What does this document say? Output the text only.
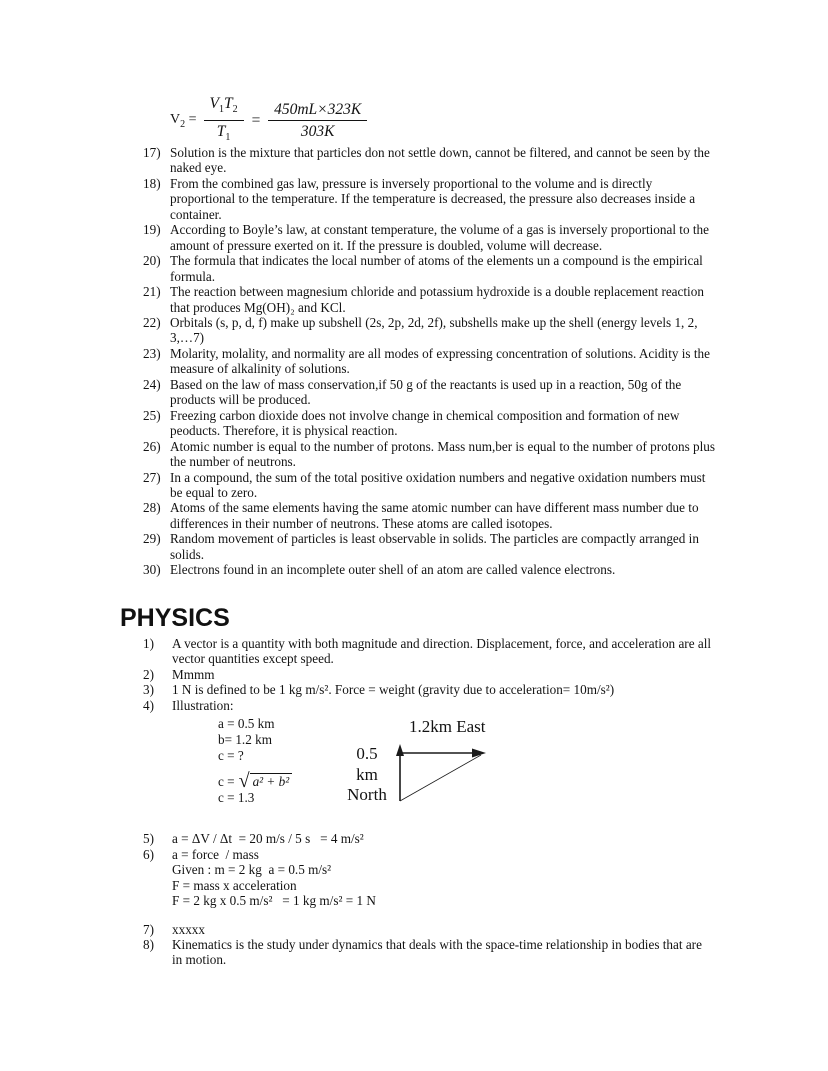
$V_2 = \frac{V_1T_2}{T_1} = \frac{450mL\times 323K}{303K}$
17) Solution is the mixture that particles don not settle down, cannot be filtered, and cannot be seen by the naked eye.
18) From the combined gas law, pressure is inversely proportional to the volume and is directly proportional to the temperature. If the temperature is decreased, the pressure also decreases inside a container.
19) According to Boyle’s law, at constant temperature, the volume of a gas is inversely proportional to the amount of pressure exerted on it. If the pressure is doubled, volume will decrease.
20) The formula that indicates the local number of atoms of the elements un a compound is the empirical formula.
21) The reaction between magnesium chloride and potassium hydroxide is a double replacement reaction that produces Mg(OH)₂ and KCl.
22) Orbitals (s, p, d, f) make up subshell (2s, 2p, 2d, 2f), subshells make up the shell (energy levels 1, 2, 3,…7)
23) Molarity, molality, and normality are all modes of expressing concentration of solutions. Acidity is the measure of alkalinity of solutions.
24) Based on the law of mass conservation,if 50 g of the reactants is used up in a reaction, 50g of the products will be produced.
25) Freezing carbon dioxide does not involve change in chemical composition and formation of new peoducts. Therefore, it is physical reaction.
26) Atomic number is equal to the number of protons. Mass num,ber is equal to the number of protons plus the number of neutrons.
27) In a compound, the sum of the total positive oxidation numbers and negative oxidation numbers must be equal to zero.
28) Atoms of the same elements having the same atomic number can have different mass number due to differences in their number of neutrons. These atoms are called isotopes.
29) Random movement of particles is least observable in solids. The particles are compactly arranged in solids.
30) Electrons found in an incomplete outer shell of an atom are called valence electrons.
PHYSICS
1)	A vector is a quantity with both magnitude and direction. Displacement, force, and acceleration are all vector quantities except speed.
2)	Mmmm
3)	1 N is defined to be 1 kg m/s². Force = weight (gravity due to acceleration= 10m/s²)
4)	Illustration:
a = 0.5 km
b= 1.2 km
c = ?
c = √ a² + b²
c = 1.3
0.5
km
North
1.2km East
5)	a = ΔV / Δt  = 20 m/s / 5 s   = 4 m/s²
6)	a = force  / mass
Given : m = 2 kg  a = 0.5 m/s²
F = mass x acceleration
F = 2 kg x 0.5 m/s²   = 1 kg m/s² = 1 N
7)	xxxxx
8)	Kinematics is the study under dynamics that deals with the space-time relationship in bodies that are in motion.
